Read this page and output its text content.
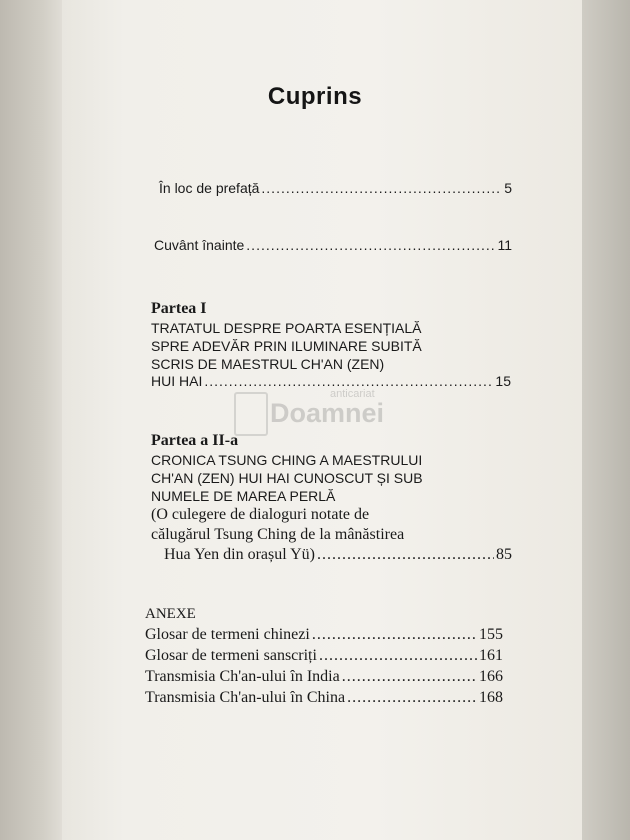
anticariat
Doamnei
Cuprins
În loc de prefață .....	5
Cuvânt înainte .....	11
Partea I
TRATATUL DESPRE POARTA ESENȚIALĂ
SPRE ADEVĂR PRIN ILUMINARE SUBITĂ
SCRIS DE MAESTRUL CH'AN (ZEN)
HUI HAI .....	15
Partea a II-a
CRONICA TSUNG CHING A MAESTRULUI
CH'AN (ZEN) HUI HAI CUNOSCUT ȘI SUB
NUMELE DE MAREA PERLĂ
(O culegere de dialoguri notate de
călugărul Tsung Ching de la mânăstirea
Hua Yen din orașul Yü) .....	85
ANEXE
Glosar de termeni chinezi .....	155
Glosar de termeni sanscriți .....	161
Transmisia Ch'an-ului în India .....	166
Transmisia Ch'an-ului în China .....	168
